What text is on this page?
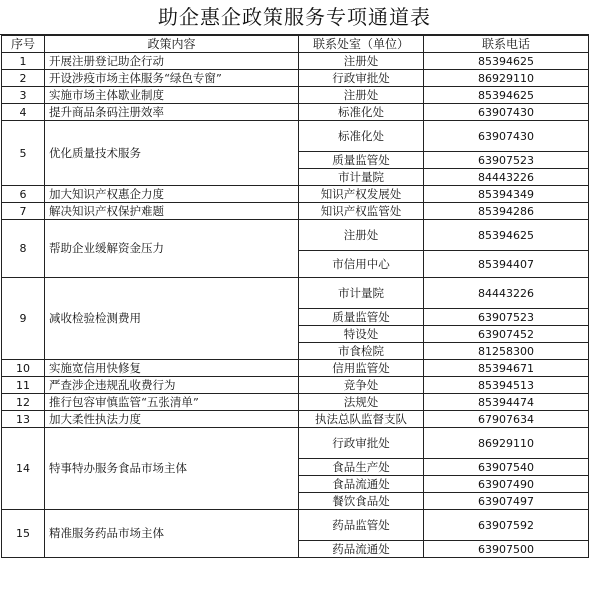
助企惠企政策服务专项通道表
序号	政策内容	联系处室（单位）	联系电话
1	开展注册登记助企行动	注册处	85394625
2	开设涉疫市场主体服务“绿色专窗”	行政审批处	86929110
3	实施市场主体歇业制度	注册处	85394625
4	提升商品条码注册效率	标准化处	63907430
5	优化质量技术服务	标准化处	63907430
		质量监管处	63907523
		市计量院	84443226
6	加大知识产权惠企力度	知识产权发展处	85394349
7	解决知识产权保护难题	知识产权监管处	85394286
8	帮助企业缓解资金压力	注册处	85394625
		市信用中心	85394407
9	减收检验检测费用	市计量院	84443226
		质量监管处	63907523
		特设处	63907452
		市食检院	81258300
10	实施宽信用快修复	信用监管处	85394671
11	严查涉企违规乱收费行为	竞争处	85394513
12	推行包容审慎监管“五张清单”	法规处	85394474
13	加大柔性执法力度	执法总队监督支队	67907634
14	特事特办服务食品市场主体	行政审批处	86929110
		食品生产处	63907540
		食品流通处	63907490
		餐饮食品处	63907497
15	精准服务药品市场主体	药品监管处	63907592
		药品流通处	63907500
